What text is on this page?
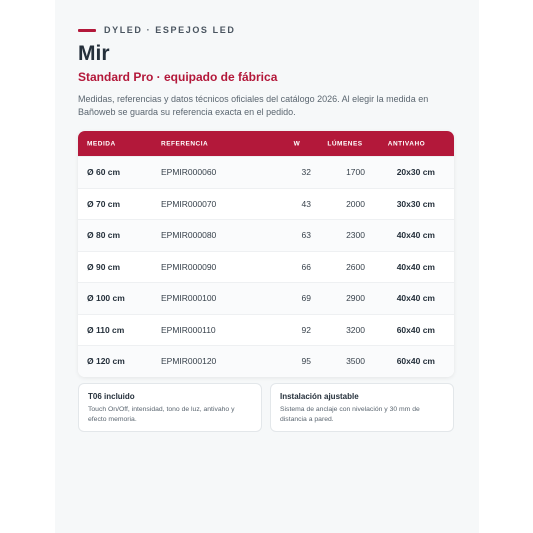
DYLED · ESPEJOS LED
Mir
Standard Pro · equipado de fábrica
Medidas, referencias y datos técnicos oficiales del catálogo 2026. Al elegir la medida en Bañoweb se guarda su referencia exacta en el pedido.
MEDIDA	REFERENCIA	W	LÚMENES	ANTIVAHO
Ø 60 cm	EPMIR000060	32	1700	20x30 cm
Ø 70 cm	EPMIR000070	43	2000	30x30 cm
Ø 80 cm	EPMIR000080	63	2300	40x40 cm
Ø 90 cm	EPMIR000090	66	2600	40x40 cm
Ø 100 cm	EPMIR000100	69	2900	40x40 cm
Ø 110 cm	EPMIR000110	92	3200	60x40 cm
Ø 120 cm	EPMIR000120	95	3500	60x40 cm
T06 incluido
Touch On/Off, intensidad, tono de luz, antivaho y efecto memoria.
Instalación ajustable
Sistema de anclaje con nivelación y 30 mm de distancia a pared.
